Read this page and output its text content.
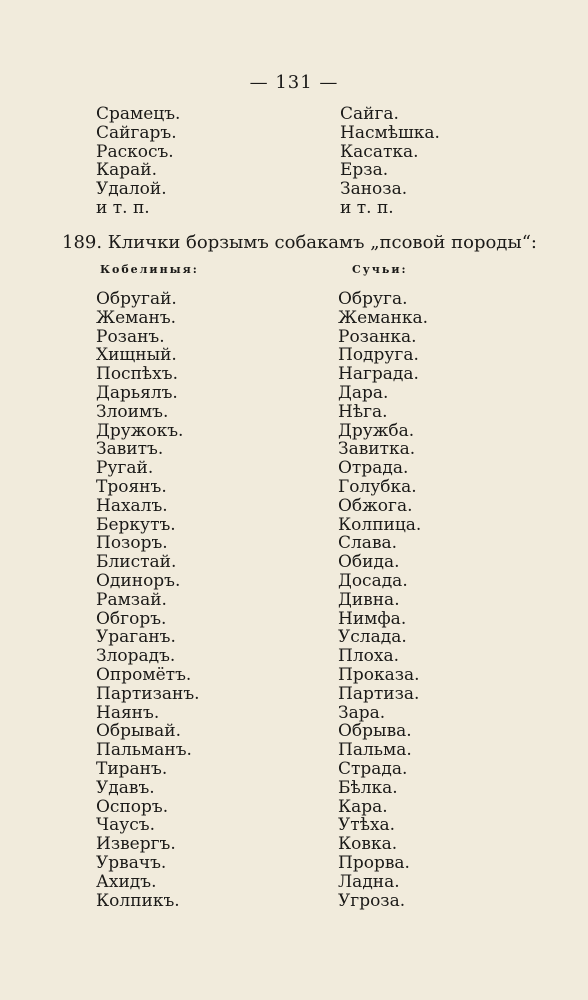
— 131 —
Срамецъ.
Сайгаръ.
Раскосъ.
Карай.
Удалой.
и т. п.
Сайга.
Насмѣшка.
Касатка.
Ерза.
Заноза.
и т. п.
189. Клички борзымъ собакамъ „псовой породы“:
Кобелиныя:	Сучьи:
Обругай.
Жеманъ.
Розанъ.
Хищный.
Поспѣхъ.
Дарьялъ.
Злоимъ.
Дружокъ.
Завитъ.
Ругай.
Троянъ.
Нахалъ.
Беркутъ.
Позоръ.
Блистай.
Одиноръ.
Рамзай.
Обгоръ.
Ураганъ.
Злорадъ.
Опромётъ.
Партизанъ.
Наянъ.
Обрывай.
Пальманъ.
Тиранъ.
Удавъ.
Оспоръ.
Чаусъ.
Извергъ.
Урвачъ.
Ахидъ.
Колпикъ.
Обруга.
Жеманка.
Розанка.
Подруга.
Награда.
Дара.
Нѣга.
Дружба.
Завитка.
Отрада.
Голубка.
Обжога.
Колпица.
Слава.
Обида.
Досада.
Дивна.
Нимфа.
Услада.
Плоха.
Проказа.
Партиза.
Зара.
Обрыва.
Пальма.
Страда.
Бѣлка.
Кара.
Утѣха.
Ковка.
Прорва.
Ладна.
Угроза.
